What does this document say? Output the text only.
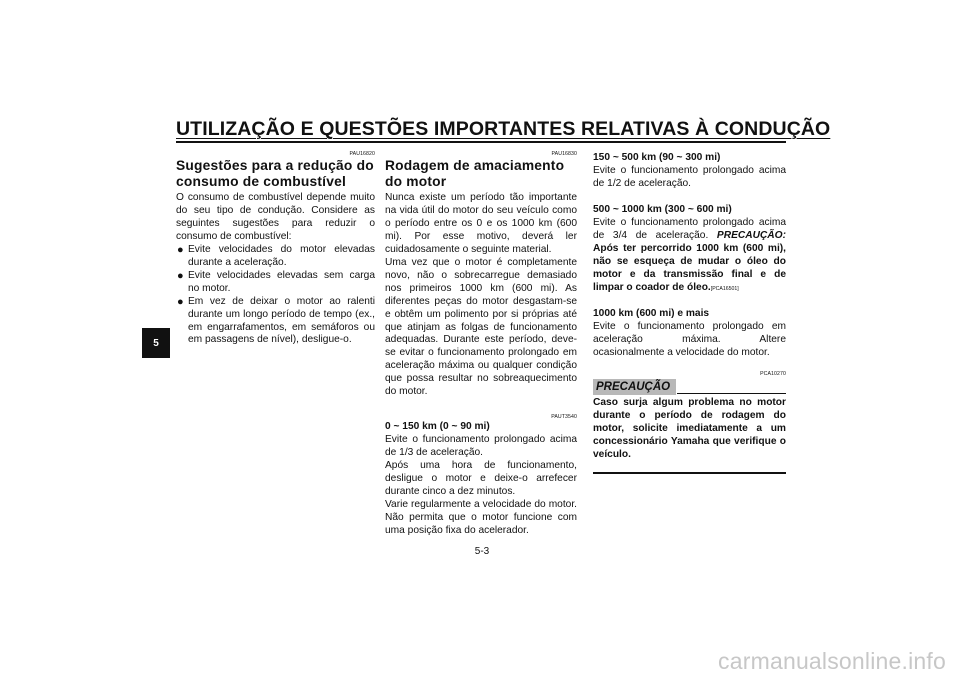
UTILIZAÇÃO E QUESTÕES IMPORTANTES RELATIVAS À CONDUÇÃO
5
PAU16820
Sugestões para a redução do consumo de combustível

O consumo de combustível depende muito do seu tipo de condução. Considere as seguintes sugestões para reduzir o consumo de combustível:

● Evite velocidades do motor elevadas durante a aceleração.
● Evite velocidades elevadas sem carga no motor.
● Em vez de deixar o motor ao ralenti durante um longo período de tempo (ex., em engarrafamentos, em semáforos ou em passagens de nível), desligue-o.
PAU16830
Rodagem de amaciamento do motor

Nunca existe um período tão importante na vida útil do motor do seu veículo como o período entre os 0 e os 1000 km (600 mi). Por esse motivo, deverá ler cuidadosamente o seguinte material.

Uma vez que o motor é completamente novo, não o sobrecarregue demasiado nos primeiros 1000 km (600 mi). As diferentes peças do motor desgastam-se e obtêm um polimento por si próprias até que atinjam as folgas de funcionamento adequadas. Durante este período, deve-se evitar o funcionamento prolongado em aceleração máxima ou qualquer condição que possa resultar no sobreaquecimento do motor.

PAUT3540
0 ~ 150 km (0 ~ 90 mi)

Evite o funcionamento prolongado acima de 1/3 de aceleração.

Após uma hora de funcionamento, desligue o motor e deixe-o arrefecer durante cinco a dez minutos.

Varie regularmente a velocidade do motor. Não permita que o motor funcione com uma posição fixa do acelerador.

150 ~ 500 km (90 ~ 300 mi)

Evite o funcionamento prolongado acima de 1/2 de aceleração.

500 ~ 1000 km (300 ~ 600 mi)

Evite o funcionamento prolongado acima de 3/4 de aceleração. PRECAUÇÃO: Após ter percorrido 1000 km (600 mi), não se esqueça de mudar o óleo do motor e da transmissão final e de limpar o coador de óleo.[PCA16501]

1000 km (600 mi) e mais

Evite o funcionamento prolongado em aceleração máxima. Altere ocasionalmente a velocidade do motor.

PCA10270
PRECAUÇÃO

Caso surja algum problema no motor durante o período de rodagem do motor, solicite imediatamente a um concessionário Yamaha que verifique o veículo.

5-3
carmanualsonline.info
